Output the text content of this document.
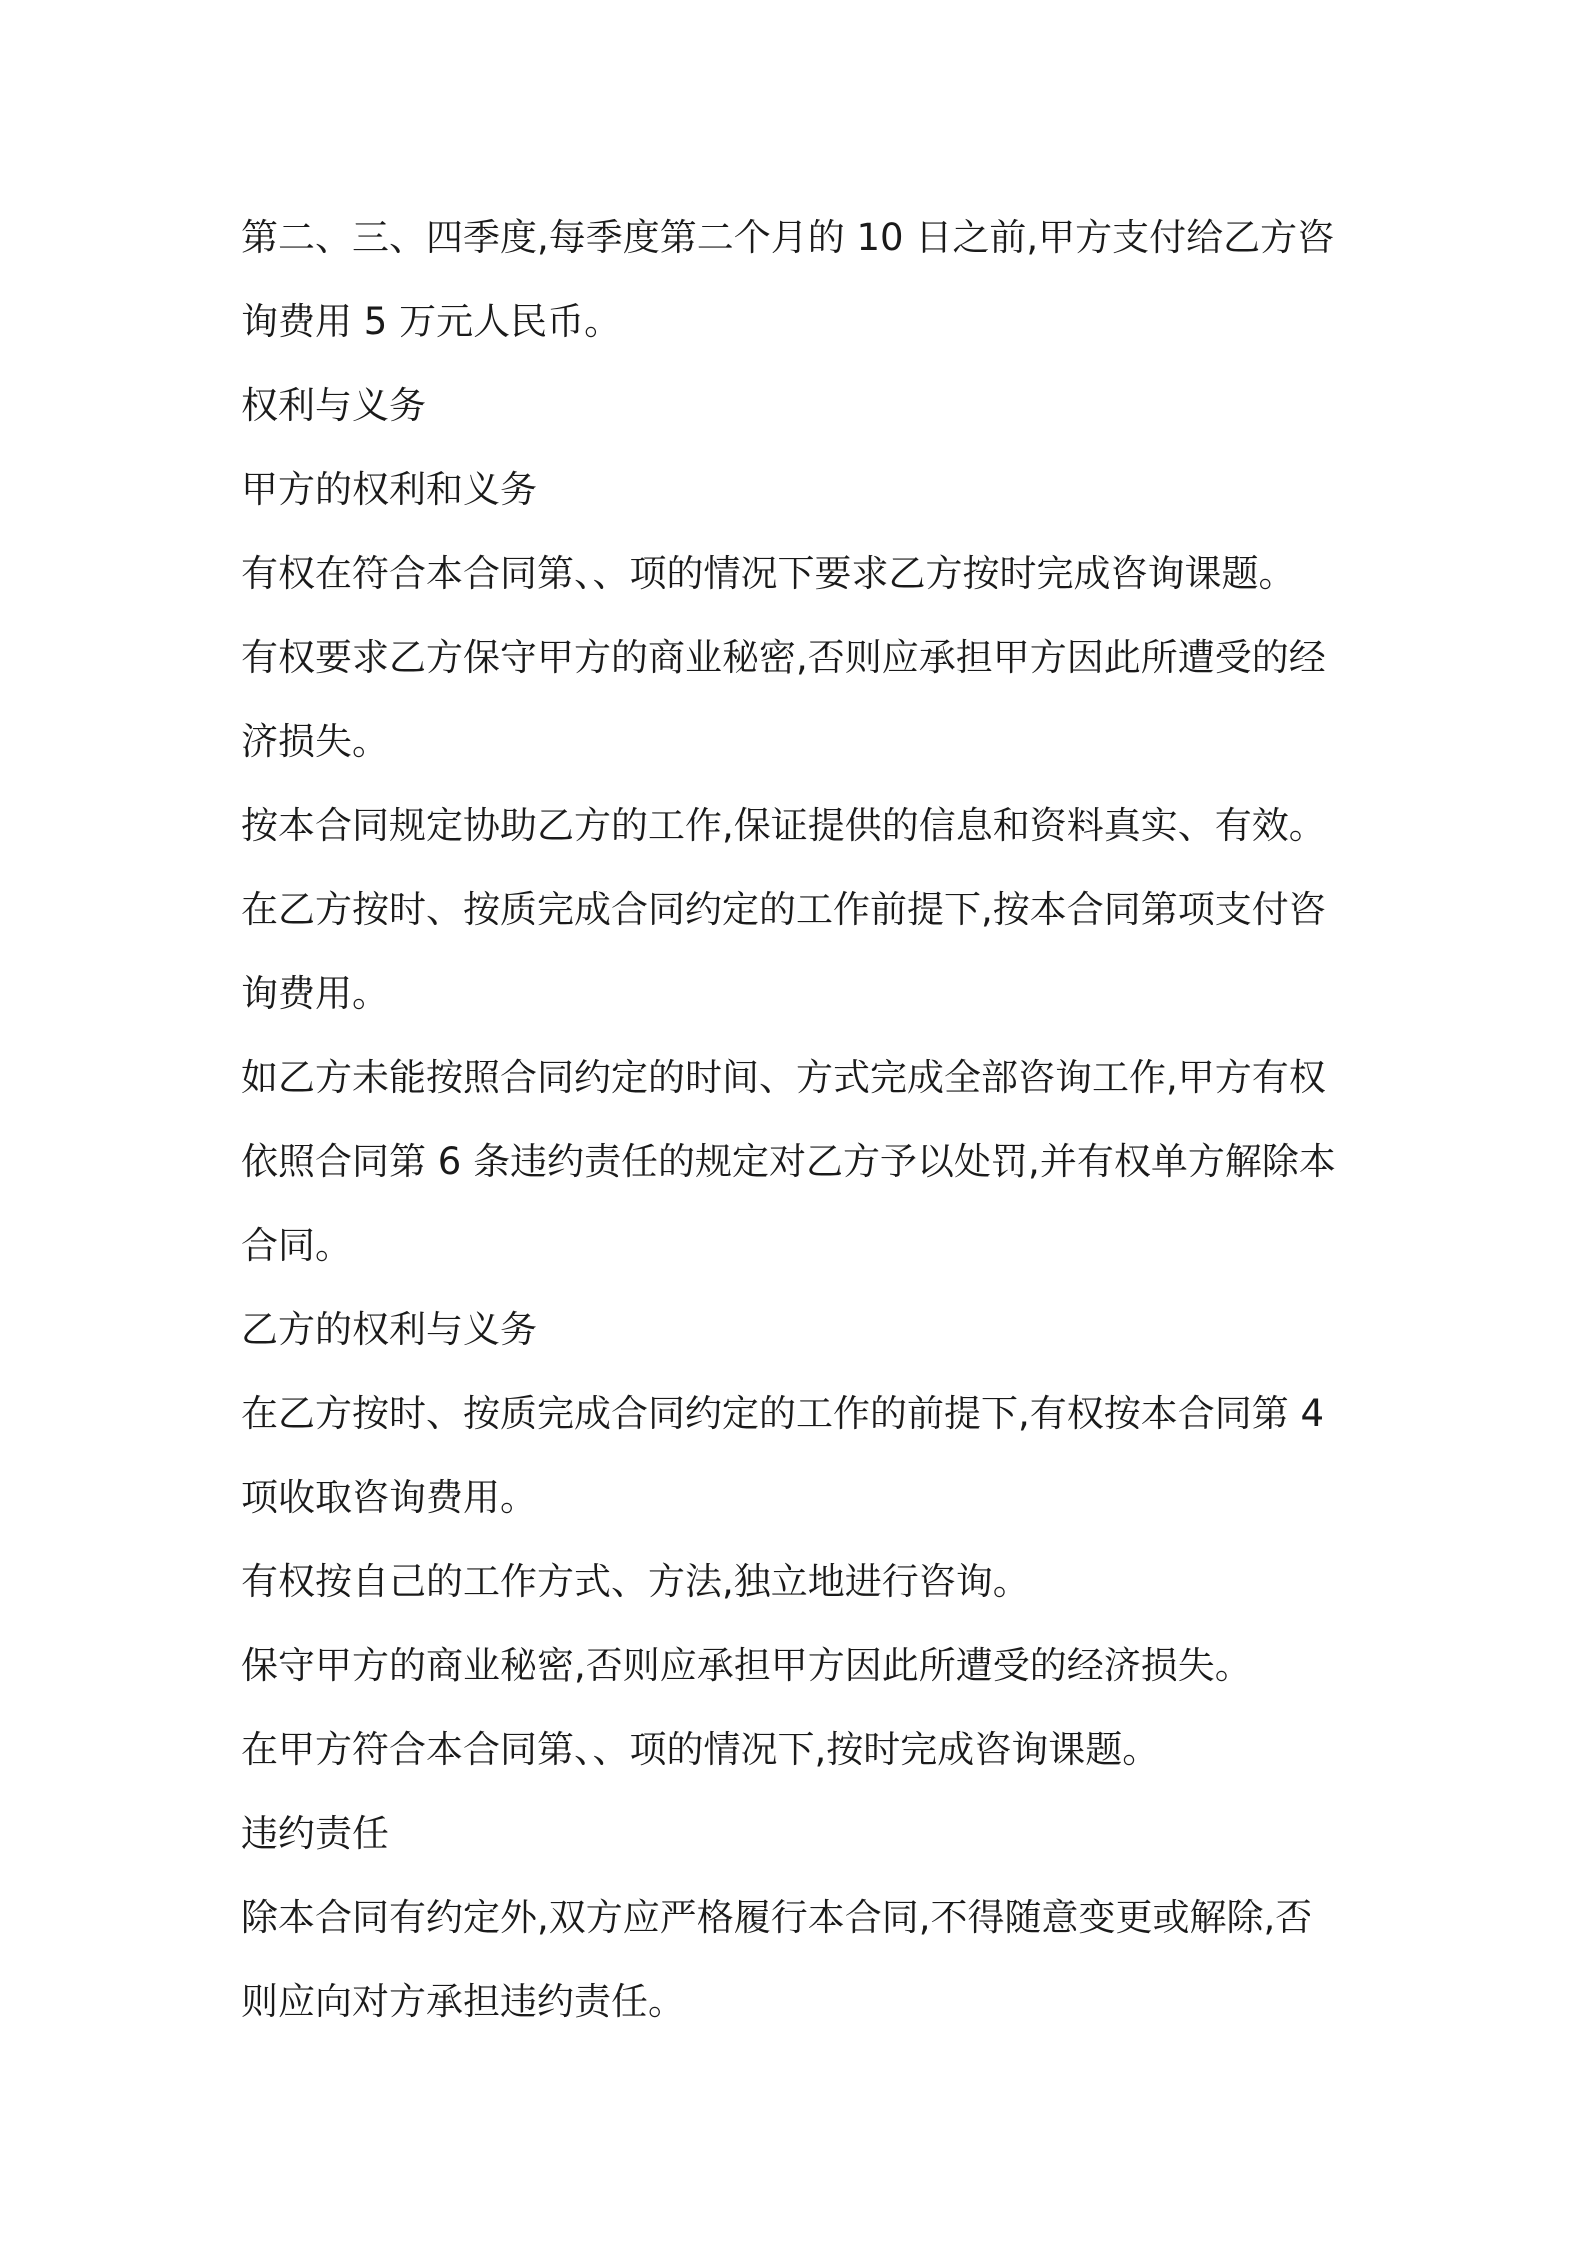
第二、三、四季度,每季度第二个月的 10 日之前,甲方支付给乙方咨
询费用 5 万元人民币。
权利与义务
甲方的权利和义务
有权在符合本合同第、、项的情况下要求乙方按时完成咨询课题。
有权要求乙方保守甲方的商业秘密,否则应承担甲方因此所遭受的经
济损失。
按本合同规定协助乙方的工作,保证提供的信息和资料真实、有效。
在乙方按时、按质完成合同约定的工作前提下,按本合同第项支付咨
询费用。
如乙方未能按照合同约定的时间、方式完成全部咨询工作,甲方有权
依照合同第 6 条违约责任的规定对乙方予以处罚,并有权单方解除本
合同。
乙方的权利与义务
在乙方按时、按质完成合同约定的工作的前提下,有权按本合同第 4
项收取咨询费用。
有权按自己的工作方式、方法,独立地进行咨询。
保守甲方的商业秘密,否则应承担甲方因此所遭受的经济损失。
在甲方符合本合同第、、项的情况下,按时完成咨询课题。
违约责任
除本合同有约定外,双方应严格履行本合同,不得随意变更或解除,否
则应向对方承担违约责任。
